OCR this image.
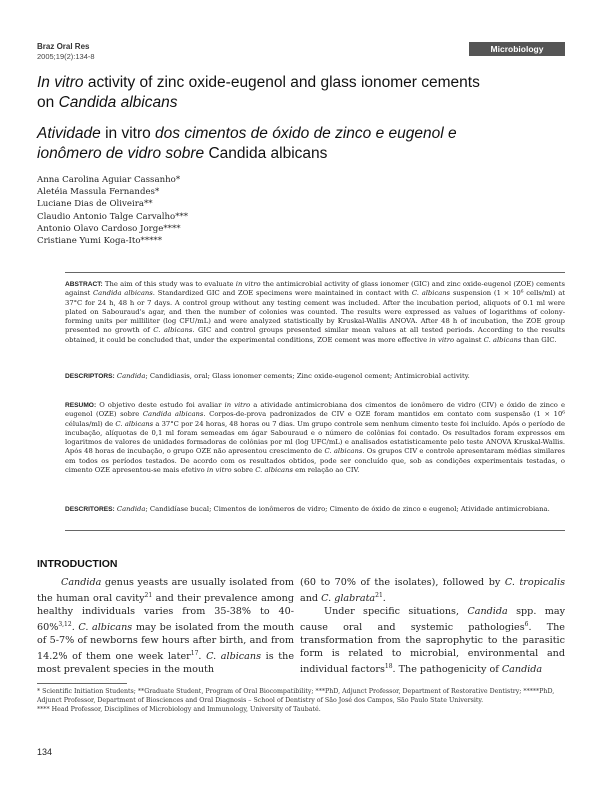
Braz Oral Res
2005;19(2):134-8
Microbiology
In vitro activity of zinc oxide-eugenol and glass ionomer cements
on Candida albicans
Atividade in vitro dos cimentos de óxido de zinco e eugenol e
ionômero de vidro sobre Candida albicans
Anna Carolina Aguiar Cassanho*
Aletéia Massula Fernandes*
Luciane Dias de Oliveira**
Claudio Antonio Talge Carvalho***
Antonio Olavo Cardoso Jorge****
Cristiane Yumi Koga-Ito*****
ABSTRACT: The aim of this study was to evaluate in vitro the antimicrobial activity of glass ionomer (GIC) and zinc oxide-eugenol (ZOE) cements against Candida albicans. Standardized GIC and ZOE specimens were maintained in contact with C. albicans suspension (1 × 10⁶ cells/ml) at 37°C for 24 h, 48 h or 7 days. A control group without any testing cement was included. After the incubation period, aliquots of 0.1 ml were plated on Sabouraud's agar, and then the number of colonies was counted. The results were expressed as values of logarithms of colony-forming units per milliliter (log CFU/mL) and were analyzed statistically by Kruskal-Wallis ANOVA. After 48 h of incubation, the ZOE group presented no growth of C. albicans. GIC and control groups presented similar mean values at all tested periods. According to the results obtained, it could be concluded that, under the experimental conditions, ZOE cement was more effective in vitro against C. albicans than GIC.
DESCRIPTORS: Candida; Candidiasis, oral; Glass ionomer cements; Zinc oxide-eugenol cement; Antimicrobial activity.
RESUMO: O objetivo deste estudo foi avaliar in vitro a atividade antimicrobiana dos cimentos de ionômero de vidro (CIV) e óxido de zinco e eugenol (OZE) sobre Candida albicans. Corpos-de-prova padronizados de CIV e OZE foram mantidos em contato com suspensão (1 × 10⁶ células/ml) de C. albicans a 37°C por 24 horas, 48 horas ou 7 dias. Um grupo controle sem nenhum cimento teste foi incluído. Após o período de incubação, alíquotas de 0,1 ml foram semeadas em ágar Sabouraud e o número de colônias foi contado. Os resultados foram expressos em logaritmos de valores de unidades formadoras de colônias por ml (log UFC/mL) e analisados estatisticamente pelo teste ANOVA Kruskal-Wallis. Após 48 horas de incubação, o grupo OZE não apresentou crescimento de C. albicans. Os grupos CIV e controle apresentaram médias similares em todos os períodos testados. De acordo com os resultados obtidos, pode ser concluído que, sob as condições experimentais testadas, o cimento OZE apresentou-se mais efetivo in vitro sobre C. albicans em relação ao CIV.
DESCRITORES: Candida; Candidíase bucal; Cimentos de ionômeros de vidro; Cimento de óxido de zinco e eugenol; Atividade antimicrobiana.
INTRODUCTION

Candida genus yeasts are usually isolated from the human oral cavity$^{21}$ and their prevalence among healthy individuals varies from 35-38% to 40-60%$^{3,12}$. C. albicans may be isolated from the mouth of 5-7% of newborns few hours after birth, and from 14.2% of them one week later$^{17}$. C. albicans is the most prevalent species in the mouth

(60 to 70% of the isolates), followed by C. tropicalis and C. glabrata$^{21}$.

Under specific situations, Candida spp. may cause oral and systemic pathologies$^6$. The transformation from the saprophytic to the parasitic form is related to microbial, environmental and individual factors$^{18}$. The pathogenicity of Candida

* Scientific Initiation Students; **Graduate Student, Program of Oral Biocompatibility; ***PhD, Adjunct Professor, Department of Restorative Dentistry; *****PhD, Adjunct Professor, Department of Biosciences and Oral Diagnosis – School of Dentistry of São José dos Campos, São Paulo State University.
**** Head Professor, Disciplines of Microbiology and Immunology, University of Taubaté.
134
